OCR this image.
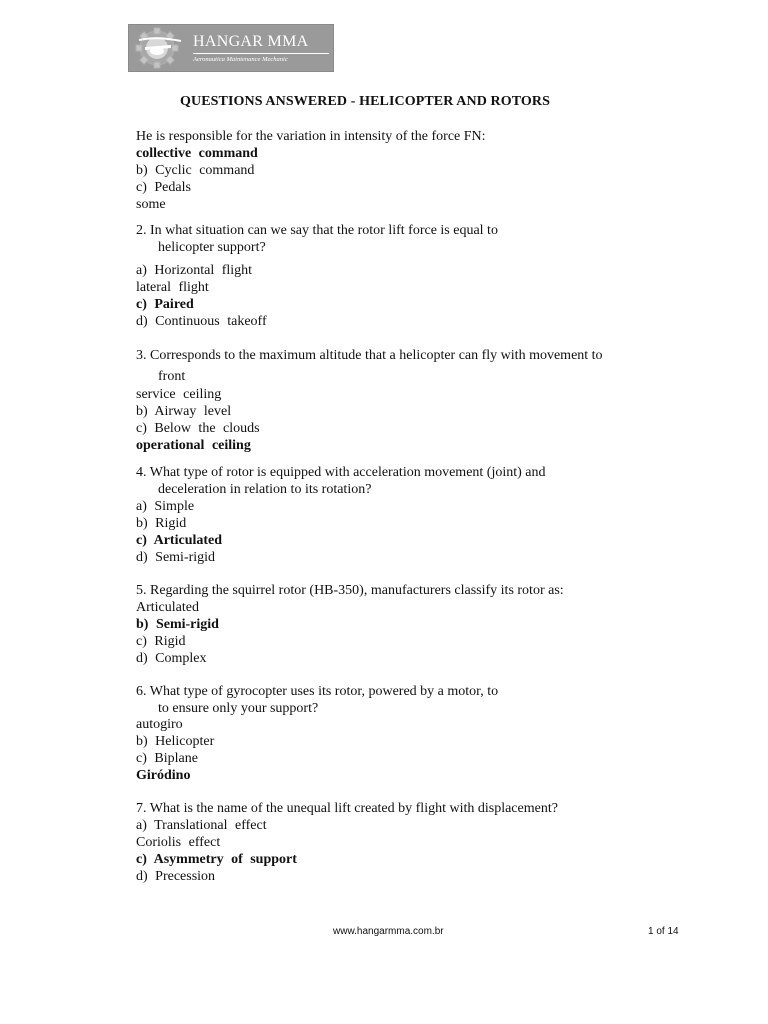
HANGAR MMA
Aeronautica Maintenance Mechanic
QUESTIONS ANSWERED - HELICOPTER AND ROTORS
He is responsible for the variation in intensity of the force FN:
collective command
b) Cyclic command
c) Pedals
some
2. In what situation can we say that the rotor lift force is equal to
helicopter support?
a) Horizontal flight
lateral flight
c) Paired
d) Continuous takeoff
3. Corresponds to the maximum altitude that a helicopter can fly with movement to
front
service ceiling
b) Airway level
c) Below the clouds
operational ceiling
4. What type of rotor is equipped with acceleration movement (joint) and
deceleration in relation to its rotation?
a) Simple
b) Rigid
c) Articulated
d) Semi-rigid
5. Regarding the squirrel rotor (HB-350), manufacturers classify its rotor as:
Articulated
b) Semi-rigid
c) Rigid
d) Complex
6. What type of gyrocopter uses its rotor, powered by a motor, to
to ensure only your support?
autogiro
b) Helicopter
c) Biplane
Giródino
7. What is the name of the unequal lift created by flight with displacement?
a) Translational effect
Coriolis effect
c) Asymmetry of support
d) Precession
www.hangarmma.com.br	1 of 14
